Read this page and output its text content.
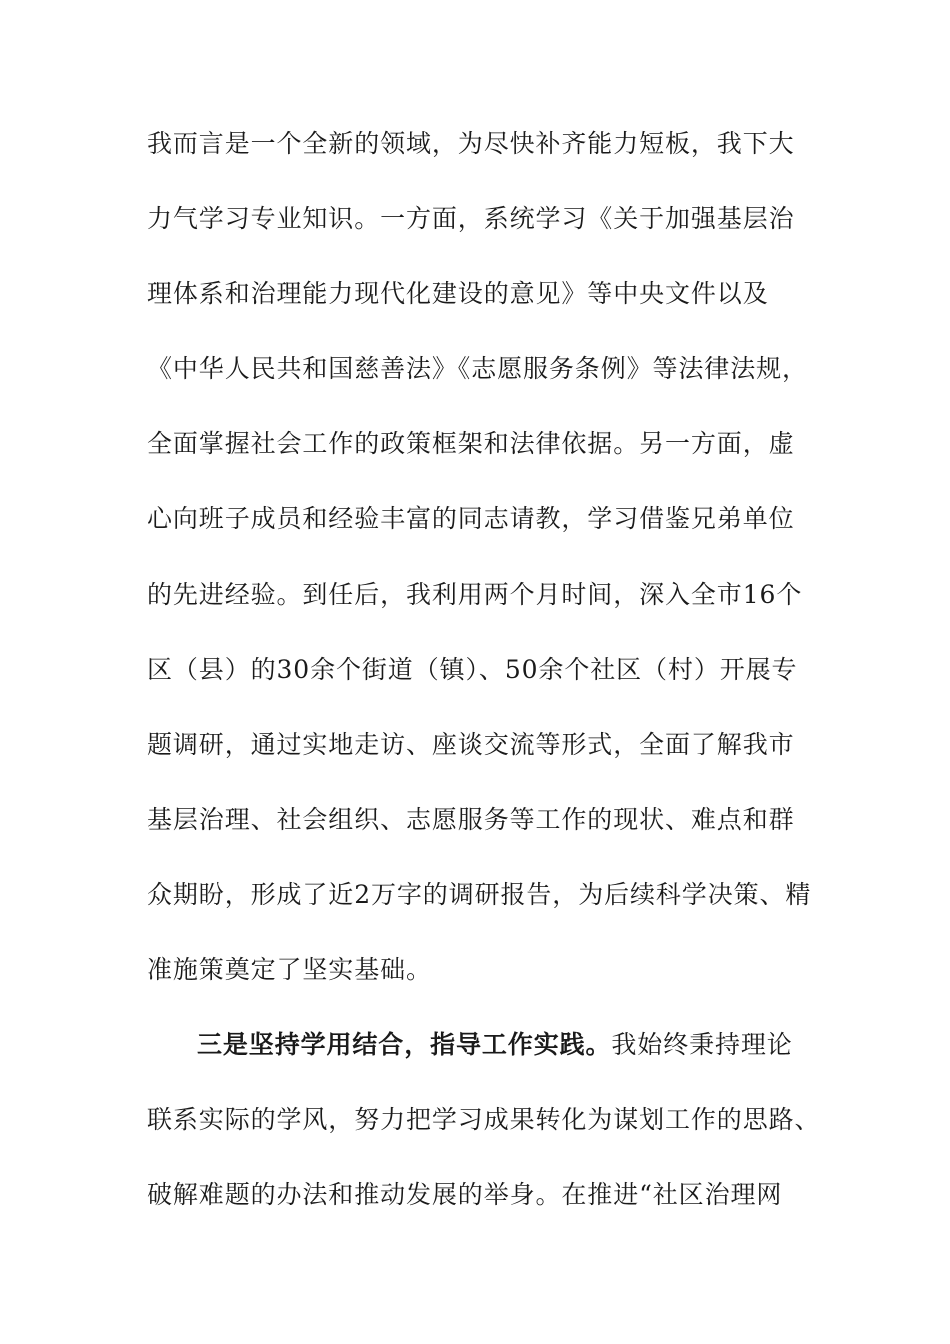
我而言是一个全新的领域，为尽快补齐能力短板，我下大
力气学习专业知识。一方面，系统学习《关于加强基层治
理体系和治理能力现代化建设的意见》等中央文件以及
《中华人民共和国慈善法》《志愿服务条例》等法律法规，
全面掌握社会工作的政策框架和法律依据。另一方面，虚
心向班子成员和经验丰富的同志请教，学习借鉴兄弟单位
的先进经验。到任后，我利用两个月时间，深入全市16个
区（县）的30余个街道（镇）、50余个社区（村）开展专
题调研，通过实地走访、座谈交流等形式，全面了解我市
基层治理、社会组织、志愿服务等工作的现状、难点和群
众期盼，形成了近2万字的调研报告，为后续科学决策、精
准施策奠定了坚实基础。
三是坚持学用结合，指导工作实践。我始终秉持理论
联系实际的学风，努力把学习成果转化为谋划工作的思路、
破解难题的办法和推动发展的举身。在推进“社区治理网
